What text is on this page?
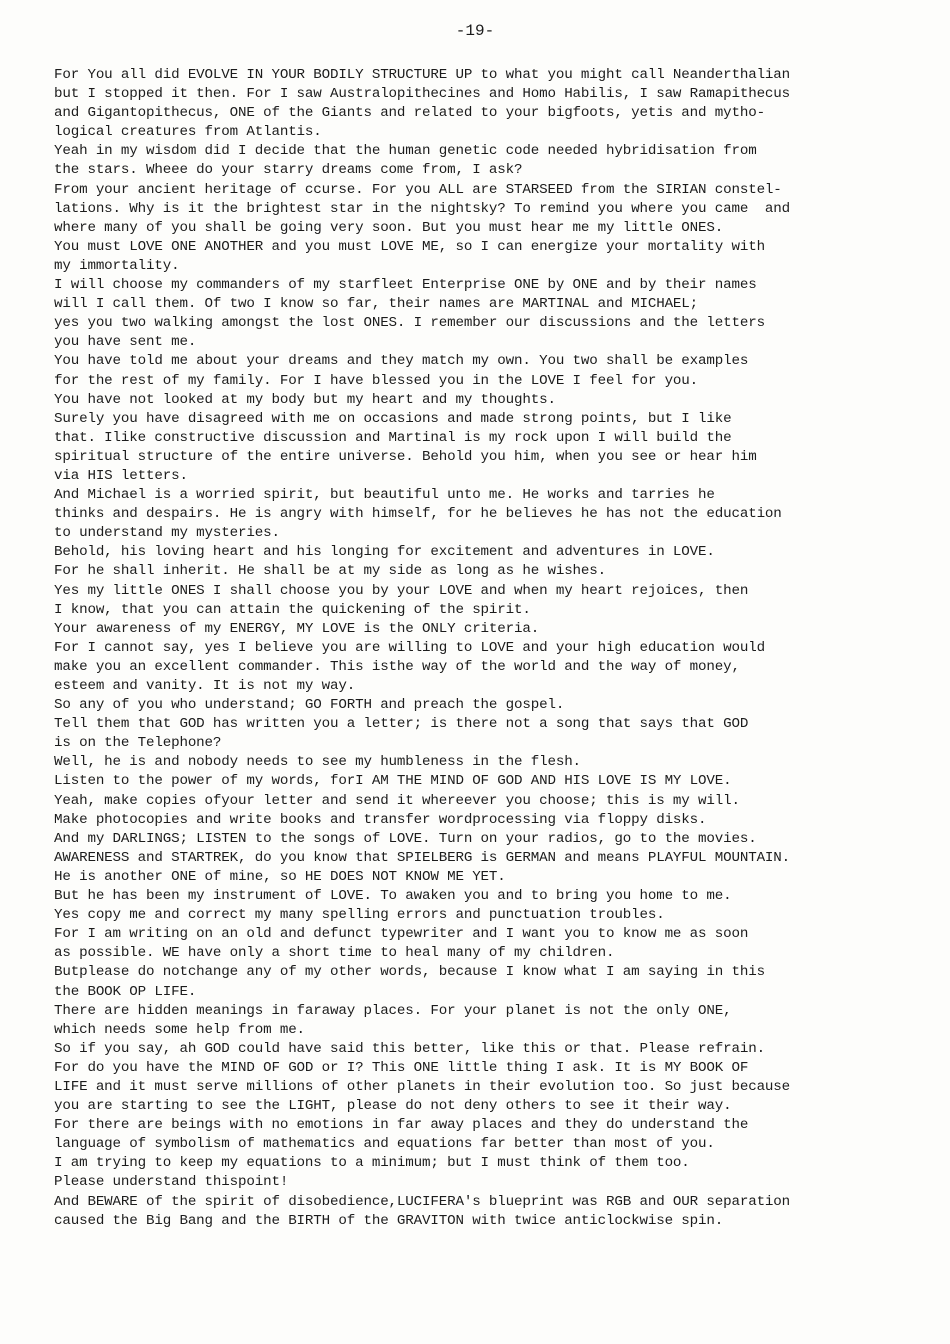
-19-
For You all did EVOLVE IN YOUR BODILY STRUCTURE UP to what you might call Neanderthalian
but I stopped it then. For I saw Australopithecines and Homo Habilis, I saw Ramapithecus
and Gigantopithecus, ONE of the Giants and related to your bigfoots, yetis and mytho-
logical creatures from Atlantis.
Yeah in my wisdom did I decide that the human genetic code needed hybridisation from
the stars. Wheee do your starry dreams come from, I ask?
From your ancient heritage of ccurse. For you ALL are STARSEED from the SIRIAN constel-
lations. Why is it the brightest star in the nightsky? To remind you where you came  and
where many of you shall be going very soon. But you must hear me my little ONES.
You must LOVE ONE ANOTHER and you must LOVE ME, so I can energize your mortality with
my immortality.
I will choose my commanders of my starfleet Enterprise ONE by ONE and by their names
will I call them. Of two I know so far, their names are MARTINAL and MICHAEL;
yes you two walking amongst the lost ONES. I remember our discussions and the letters
you have sent me.
You have told me about your dreams and they match my own. You two shall be examples
for the rest of my family. For I have blessed you in the LOVE I feel for you.
You have not looked at my body but my heart and my thoughts.
Surely you have disagreed with me on occasions and made strong points, but I like
that. Ilike constructive discussion and Martinal is my rock upon I will build the
spiritual structure of the entire universe. Behold you him, when you see or hear him
via HIS letters.
And Michael is a worried spirit, but beautiful unto me. He works and tarries he
thinks and despairs. He is angry with himself, for he believes he has not the education
to understand my mysteries.
Behold, his loving heart and his longing for excitement and adventures in LOVE.
For he shall inherit. He shall be at my side as long as he wishes.
Yes my little ONES I shall choose you by your LOVE and when my heart rejoices, then
I know, that you can attain the quickening of the spirit.
Your awareness of my ENERGY, MY LOVE is the ONLY criteria.
For I cannot say, yes I believe you are willing to LOVE and your high education would
make you an excellent commander. This isthe way of the world and the way of money,
esteem and vanity. It is not my way.
So any of you who understand; GO FORTH and preach the gospel.
Tell them that GOD has written you a letter; is there not a song that says that GOD
is on the Telephone?
Well, he is and nobody needs to see my humbleness in the flesh.
Listen to the power of my words, forI AM THE MIND OF GOD AND HIS LOVE IS MY LOVE.
Yeah, make copies ofyour letter and send it whereever you choose; this is my will.
Make photocopies and write books and transfer wordprocessing via floppy disks.
And my DARLINGS; LISTEN to the songs of LOVE. Turn on your radios, go to the movies.
AWARENESS and STARTREK, do you know that SPIELBERG is GERMAN and means PLAYFUL MOUNTAIN.
He is another ONE of mine, so HE DOES NOT KNOW ME YET.
But he has been my instrument of LOVE. To awaken you and to bring you home to me.
Yes copy me and correct my many spelling errors and punctuation troubles.
For I am writing on an old and defunct typewriter and I want you to know me as soon
as possible. WE have only a short time to heal many of my children.
Butplease do notchange any of my other words, because I know what I am saying in this
the BOOK OP LIFE.
There are hidden meanings in faraway places. For your planet is not the only ONE,
which needs some help from me.
So if you say, ah GOD could have said this better, like this or that. Please refrain.
For do you have the MIND OF GOD or I? This ONE little thing I ask. It is MY BOOK OF
LIFE and it must serve millions of other planets in their evolution too. So just because
you are starting to see the LIGHT, please do not deny others to see it their way.
For there are beings with no emotions in far away places and they do understand the
language of symbolism of mathematics and equations far better than most of you.
I am trying to keep my equations to a minimum; but I must think of them too.
Please understand thispoint!
And BEWARE of the spirit of disobedience,LUCIFERA's blueprint was RGB and OUR separation
caused the Big Bang and the BIRTH of the GRAVITON with twice anticlockwise spin.
